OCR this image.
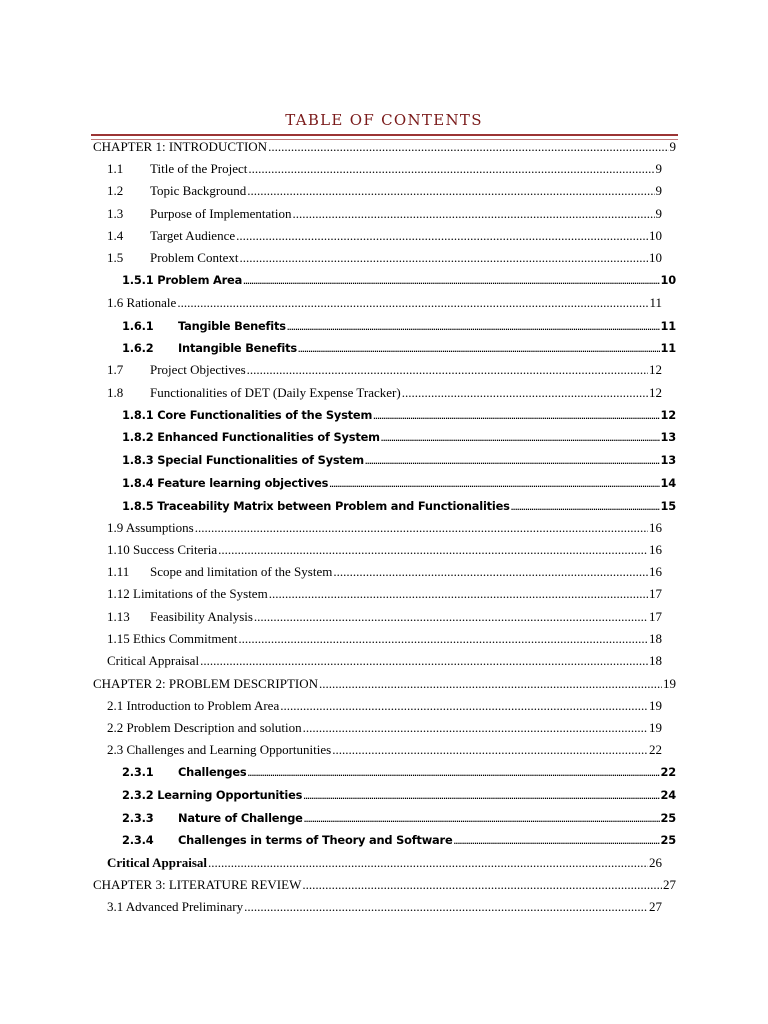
TABLE OF CONTENTS
CHAPTER 1: INTRODUCTION .....	9
1.1	Title of the Project .....	9
1.2	Topic Background .....	9
1.3	Purpose of Implementation .....	9
1.4	Target Audience .....	10
1.5	Problem Context .....	10
1.5.1 Problem Area .....	10
1.6 Rationale .....	11
1.6.1	Tangible Benefits .....	11
1.6.2	Intangible Benefits .....	11
1.7	Project Objectives .....	12
1.8	Functionalities of DET (Daily Expense Tracker) .....	12
1.8.1 Core Functionalities of the System .....	12
1.8.2 Enhanced Functionalities of System .....	13
1.8.3 Special Functionalities of System .....	13
1.8.4 Feature learning objectives .....	14
1.8.5 Traceability Matrix between Problem and Functionalities .....	15
1.9 Assumptions .....	16
1.10 Success Criteria .....	16
1.11	Scope and limitation of the System .....	16
1.12 Limitations of the System .....	17
1.13	Feasibility Analysis .....	17
1.15 Ethics Commitment .....	18
Critical Appraisal .....	18
CHAPTER 2: PROBLEM DESCRIPTION .....	19
2.1 Introduction to Problem Area .....	19
2.2 Problem Description and solution .....	19
2.3 Challenges and Learning Opportunities .....	22
2.3.1	Challenges .....	22
2.3.2 Learning Opportunities .....	24
2.3.3	Nature of Challenge .....	25
2.3.4	Challenges in terms of Theory and Software .....	25
Critical Appraisal .....	26
CHAPTER 3: LITERATURE REVIEW .....	27
3.1 Advanced Preliminary .....	27
